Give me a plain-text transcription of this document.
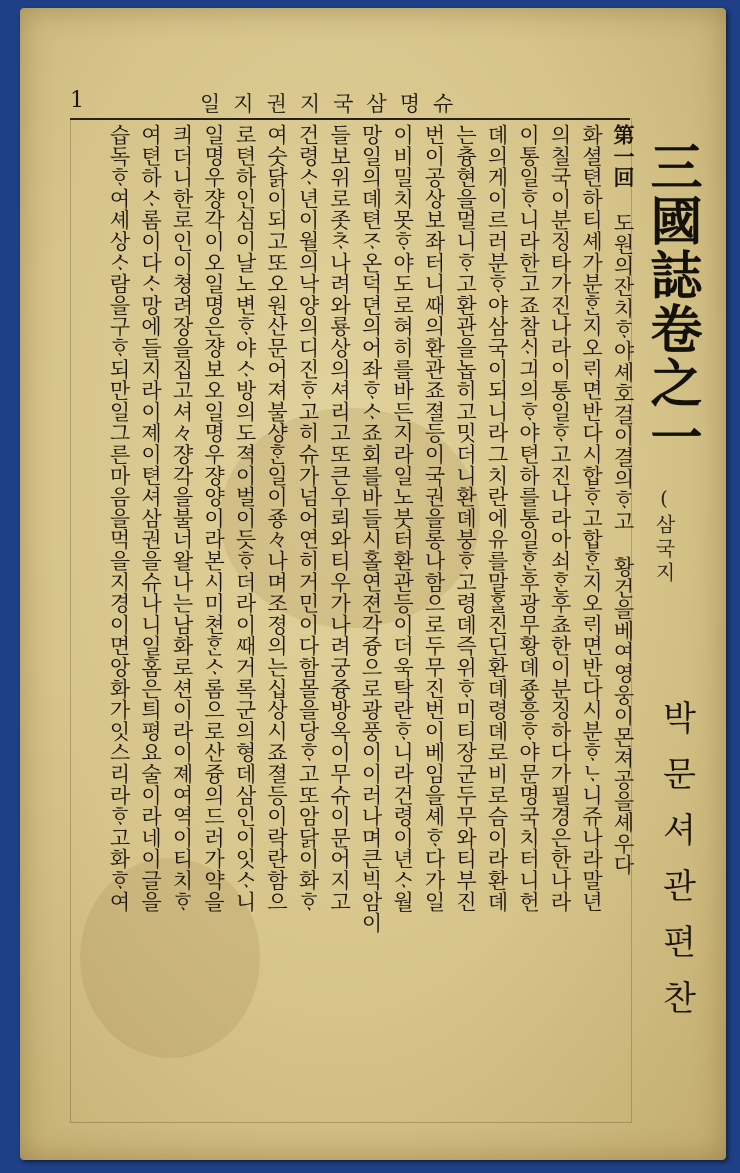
1	일지권지국삼명슈
三國誌卷之一
(삼국지
박문셔관편찬
第一回 도원의잔치ᄒᆞ야셰호걸이결의ᄒᆞ고 황건을베여영웅이몬져공을셰우다
화셜텬하티셰가분ᄒᆞᆫ지오ᄅᆡ면반다시합ᄒᆞ고합ᄒᆞᆫ지오ᄅᆡ면반다시분ᄒᆞᄂᆞ니쥬나라말년
의칠국이분징타가진나라이통일ᄒᆞ고진나라아쇠ᄒᆞᆫ후쵸한이분징하다가필경은한나라
이통일ᄒᆞ니라한고죠참ᄉᆡ긔의ᄒᆞ야텬하를통일ᄒᆞᆫ후광무황뎨죵흥ᄒᆞ야문명국치터니헌
뎨의게이르러분ᄒᆞ야삼국이되니라그치란에유를말ᄒᆞᆯ진딘환뎨령뎨로비로슴이라환뎨
는츙현을멀니ᄒᆞ고환관을놉히고밋더니환뎨붕ᄒᆞ고령뎨즉위ᄒᆞ미티장군두무와티부진
번이공상보좌터니ᄯᅢ의환관죠졀등이국권을롱나함으로두무진번이베임을셰ᄒᆞ다가일
이비밀치못ᄒᆞ야도로혀히를바든지라일노붓터환관등이더욱탁란ᄒᆞ니라건령이년ᄉᆞ월
망일의뎨텬ᄌᆞ온덕뎐의어좌ᄒᆞᄉᆞ죠회를바들시홀연젼각즁으로광풍이이러나며큰빅암이
들보위로좃ᄎᆞ나려와룡상의셔리고또큰우뢰와티우가나려궁즁방옥이무슈이문어지고
건령ᄉᆞ년이월의낙양의디진ᄒᆞ고히슈가넘어연히거민이다함몰을당ᄒᆞ고또암닭이화ᄒᆞ
여숫닭이되고또오원산문어져불샹ᄒᆞᆫ일이죵々나며조졍의는십상시죠졀등이락란함으
로텬하인심이날노변ᄒᆞ야ᄉᆞ방의도젹이벌이듯ᄒᆞ더라이ᄯᅢ거록군의형데삼인이잇ᄉᆞ니
일명우쟝각이오일명은쟝보오일명우쟝양이라본시미쳔ᄒᆞᆫᄉᆞ롬으로산즁의드러가약을
킈더니한로인이쳥려장을집고셔々쟝각을불너왈나는남화로션이라이졔여역이티치ᄒᆞ
여텬하ᄉᆞ롬이다ᄉᆞ망에들지라이졔이텬셔삼권을슈나니일홈은틔평요술이라네이글을
습독ᄒᆞ여셰상ᄉᆞ람을구ᄒᆞ되만일그른마음을먹을지경이면앙화가잇스리라ᄒᆞ고화ᄒᆞ여
